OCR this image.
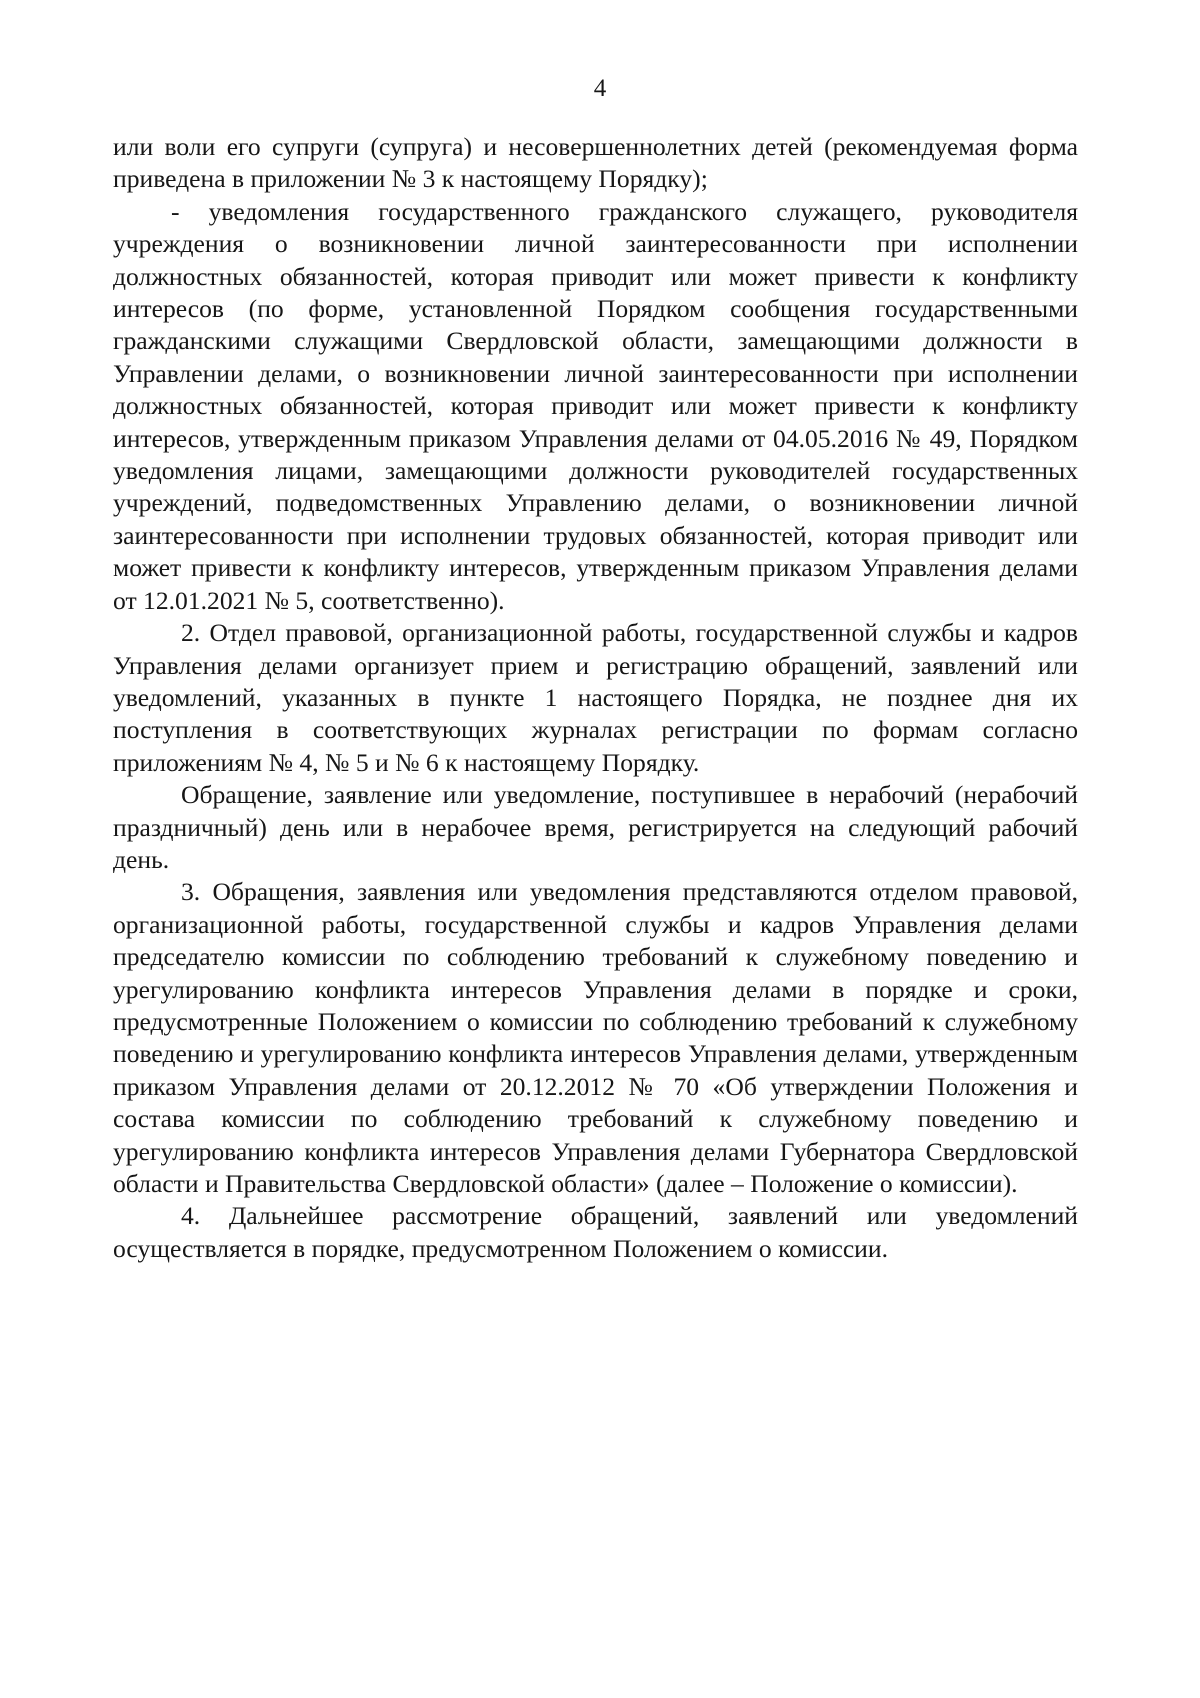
4

или воли его супруги (супруга) и несовершеннолетних детей (рекомендуемая форма приведена в приложении № 3 к настоящему Порядку);

- уведомления государственного гражданского служащего, руководителя учреждения о возникновении личной заинтересованности при исполнении должностных обязанностей, которая приводит или может привести к конфликту интересов (по форме, установленной Порядком сообщения государственными гражданскими служащими Свердловской области, замещающими должности в Управлении делами, о возникновении личной заинтересованности при исполнении должностных обязанностей, которая приводит или может привести к конфликту интересов, утвержденным приказом Управления делами от 04.05.2016 № 49, Порядком уведомления лицами, замещающими должности руководителей государственных учреждений, подведомственных Управлению делами, о возникновении личной заинтересованности при исполнении трудовых обязанностей, которая приводит или может привести к конфликту интересов, утвержденным приказом Управления делами от 12.01.2021 № 5, соответственно).

2. Отдел правовой, организационной работы, государственной службы и кадров Управления делами организует прием и регистрацию обращений, заявлений или уведомлений, указанных в пункте 1 настоящего Порядка, не позднее дня их поступления в соответствующих журналах регистрации по формам согласно приложениям № 4, № 5 и № 6 к настоящему Порядку.

Обращение, заявление или уведомление, поступившее в нерабочий (нерабочий праздничный) день или в нерабочее время, регистрируется на следующий рабочий день.

3. Обращения, заявления или уведомления представляются отделом правовой, организационной работы, государственной службы и кадров Управления делами председателю комиссии по соблюдению требований к служебному поведению и урегулированию конфликта интересов Управления делами в порядке и сроки, предусмотренные Положением о комиссии по соблюдению требований к служебному поведению и урегулированию конфликта интересов Управления делами, утвержденным приказом Управления делами от 20.12.2012 № 70 «Об утверждении Положения и состава комиссии по соблюдению требований к служебному поведению и урегулированию конфликта интересов Управления делами Губернатора Свердловской области и Правительства Свердловской области» (далее – Положение о комиссии).

4. Дальнейшее рассмотрение обращений, заявлений или уведомлений осуществляется в порядке, предусмотренном Положением о комиссии.
